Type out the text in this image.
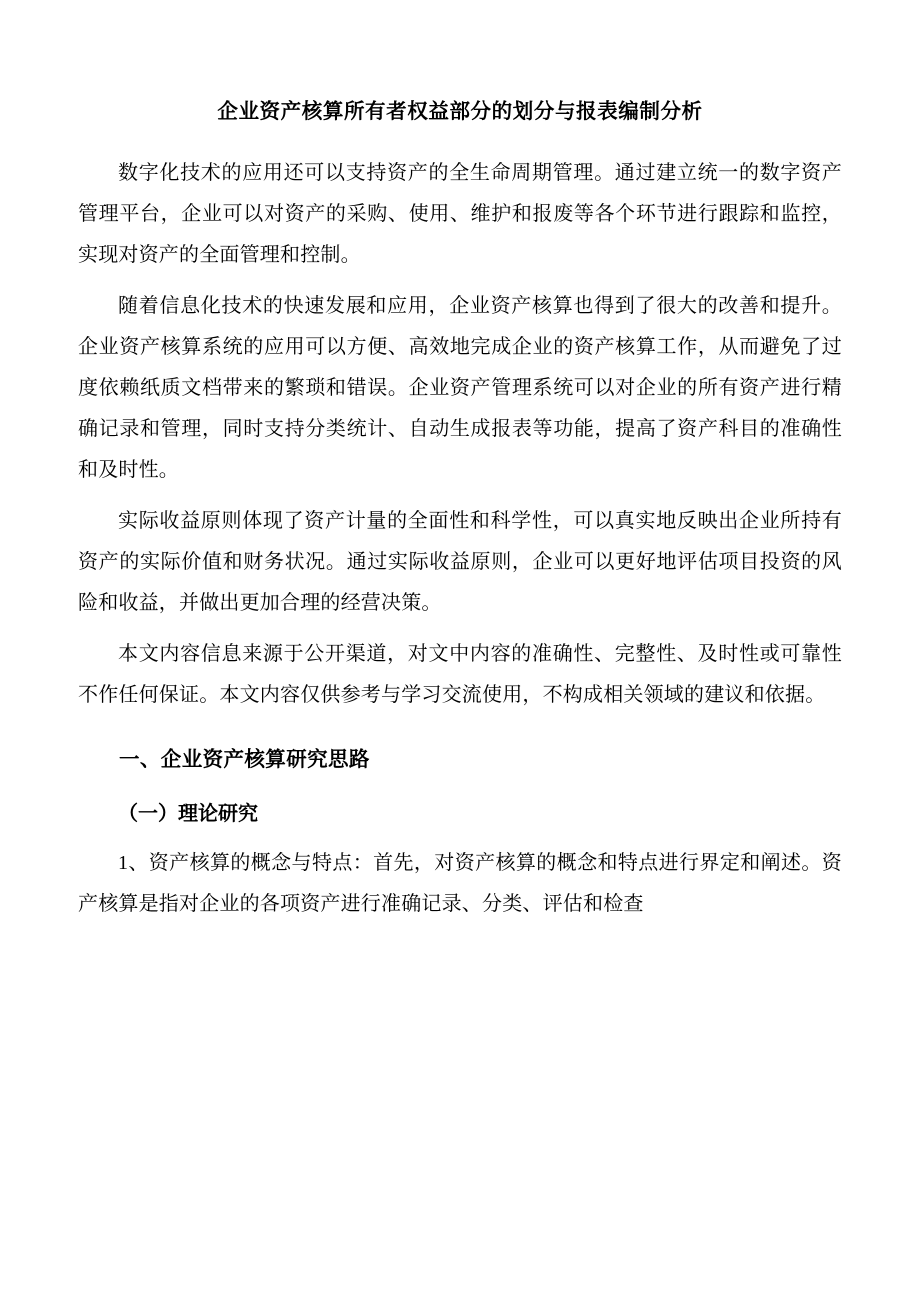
企业资产核算所有者权益部分的划分与报表编制分析

数字化技术的应用还可以支持资产的全生命周期管理。通过建立统一的数字资产管理平台，企业可以对资产的采购、使用、维护和报废等各个环节进行跟踪和监控，实现对资产的全面管理和控制。

随着信息化技术的快速发展和应用，企业资产核算也得到了很大的改善和提升。企业资产核算系统的应用可以方便、高效地完成企业的资产核算工作，从而避免了过度依赖纸质文档带来的繁琐和错误。企业资产管理系统可以对企业的所有资产进行精确记录和管理，同时支持分类统计、自动生成报表等功能，提高了资产科目的准确性和及时性。

实际收益原则体现了资产计量的全面性和科学性，可以真实地反映出企业所持有资产的实际价值和财务状况。通过实际收益原则，企业可以更好地评估项目投资的风险和收益，并做出更加合理的经营决策。

本文内容信息来源于公开渠道，对文中内容的准确性、完整性、及时性或可靠性不作任何保证。本文内容仅供参考与学习交流使用，不构成相关领域的建议和依据。

一、企业资产核算研究思路
（一）理论研究

1、资产核算的概念与特点：首先，对资产核算的概念和特点进行界定和阐述。资产核算是指对企业的各项资产进行准确记录、分类、评估和检查
